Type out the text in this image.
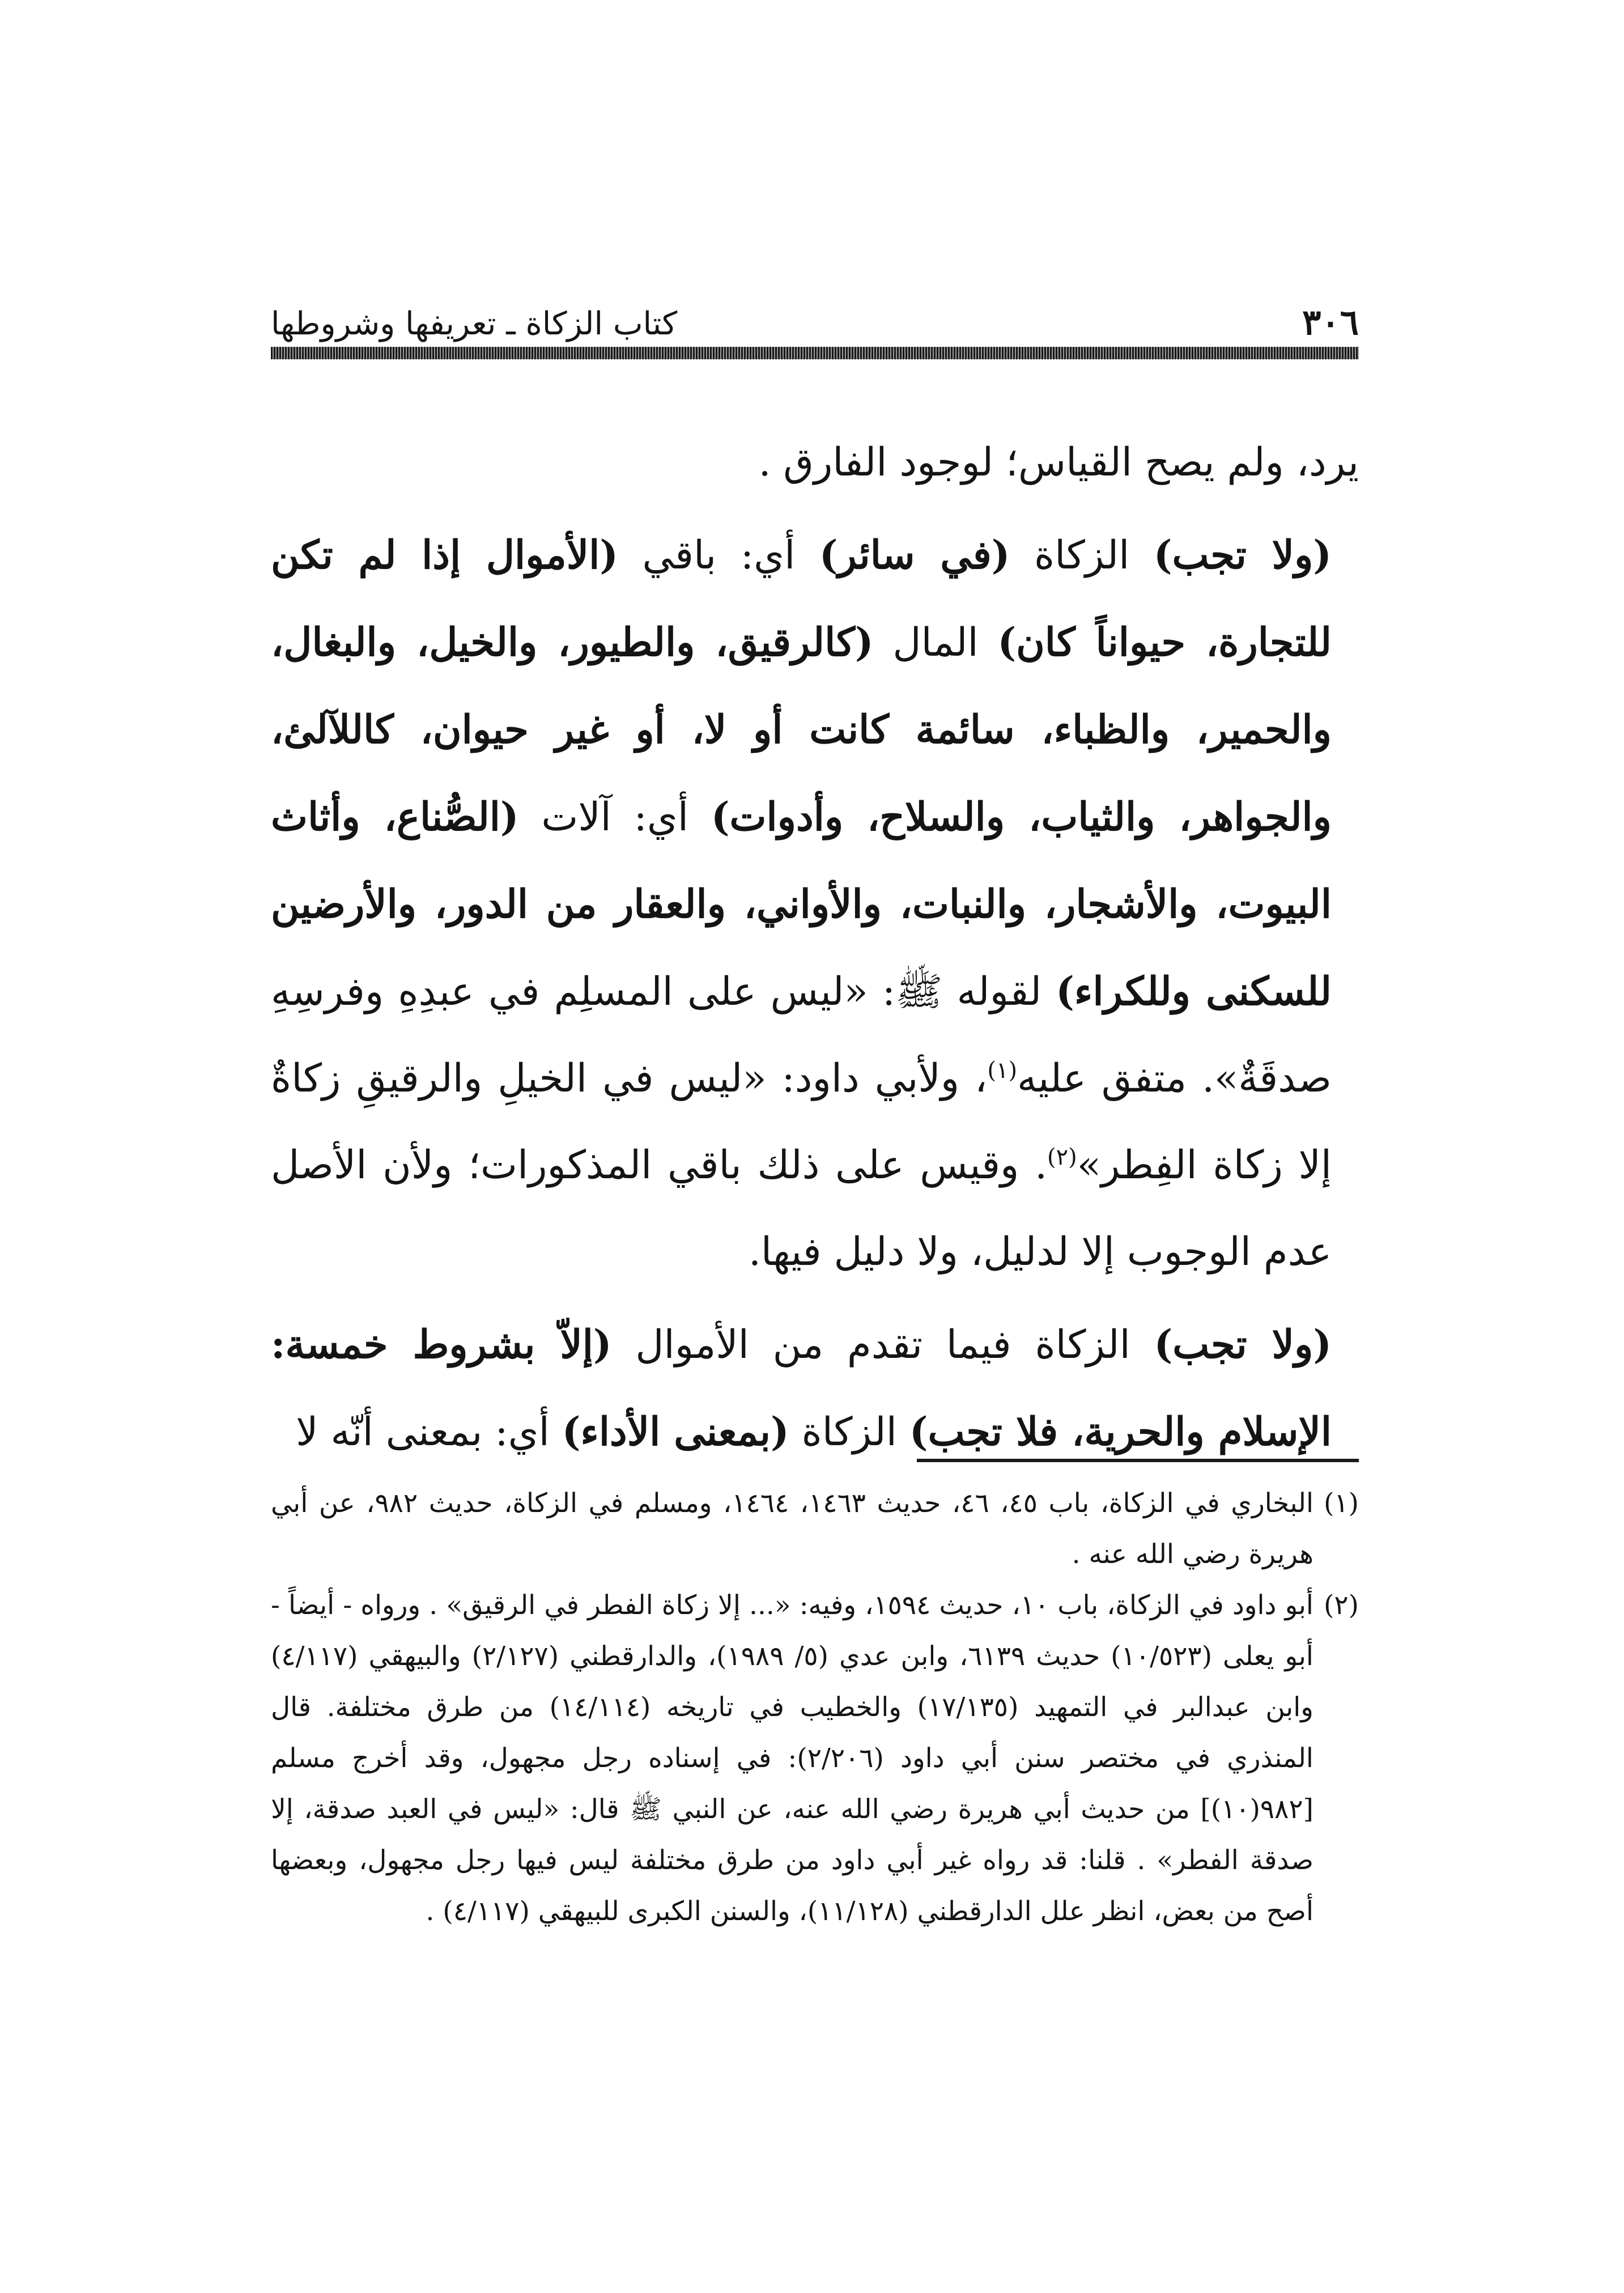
٣٠٦
كتاب الزكاة ـ تعريفها وشروطها

يرد، ولم يصح القياس؛ لوجود الفارق .

(ولا تجب) الزكاة (في سائر) أي: باقي (الأموال إذا لم تكن للتجارة، حيواناً كان) المال (كالرقيق، والطيور، والخيل، والبغال، والحمير، والظباء، سائمة كانت أو لا، أو غير حيوان، كاللآلئ، والجواهر، والثياب، والسلاح، وأدوات) أي: آلات (الصُّناع، وأثاث البيوت، والأشجار، والنبات، والأواني، والعقار من الدور، والأرضين للسكنى وللكراء) لقوله ﷺ: «ليس على المسلِم في عبدِهِ وفرسِهِ صدقَةٌ». متفق عليه$^{(١)}$، ولأبي داود: «ليس في الخيلِ والرقيقِ زكاةٌ إلا زكاة الفِطر»$^{(٢)}$. وقيس على ذلك باقي المذكورات؛ ولأن الأصل عدم الوجوب إلا لدليل، ولا دليل فيها.

(ولا تجب) الزكاة فيما تقدم من الأموال (إلاّ بشروط خمسة: الإسلام والحرية، فلا تجب) الزكاة (بمعنى الأداء) أي: بمعنى أنّه لا

(١)
البخاري في الزكاة، باب ٤٥، ٤٦، حديث ١٤٦٣، ١٤٦٤، ومسلم في الزكاة، حديث ٩٨٢، عن أبي هريرة رضي الله عنه .
(٢)
أبو داود في الزكاة، باب ١٠، حديث ١٥٩٤، وفيه: «... إلا زكاة الفطر في الرقيق» . ورواه - أيضاً - أبو يعلى (١٠/٥٢٣) حديث ٦١٣٩، وابن عدي (٥/ ١٩٨٩)، والدارقطني (٢/١٢٧) والبيهقي (٤/١١٧) وابن عبدالبر في التمهيد (١٧/١٣٥) والخطيب في تاريخه (١٤/١١٤) من طرق مختلفة. قال المنذري في مختصر سنن أبي داود (٢/٢٠٦): في إسناده رجل مجهول، وقد أخرج مسلم [٩٨٢(١٠)] من حديث أبي هريرة رضي الله عنه، عن النبي ﷺ قال: «ليس في العبد صدقة، إلا صدقة الفطر» . قلنا: قد رواه غير أبي داود من طرق مختلفة ليس فيها رجل مجهول، وبعضها أصح من بعض، انظر علل الدارقطني (١١/١٢٨)، والسنن الكبرى للبيهقي (٤/١١٧) .
